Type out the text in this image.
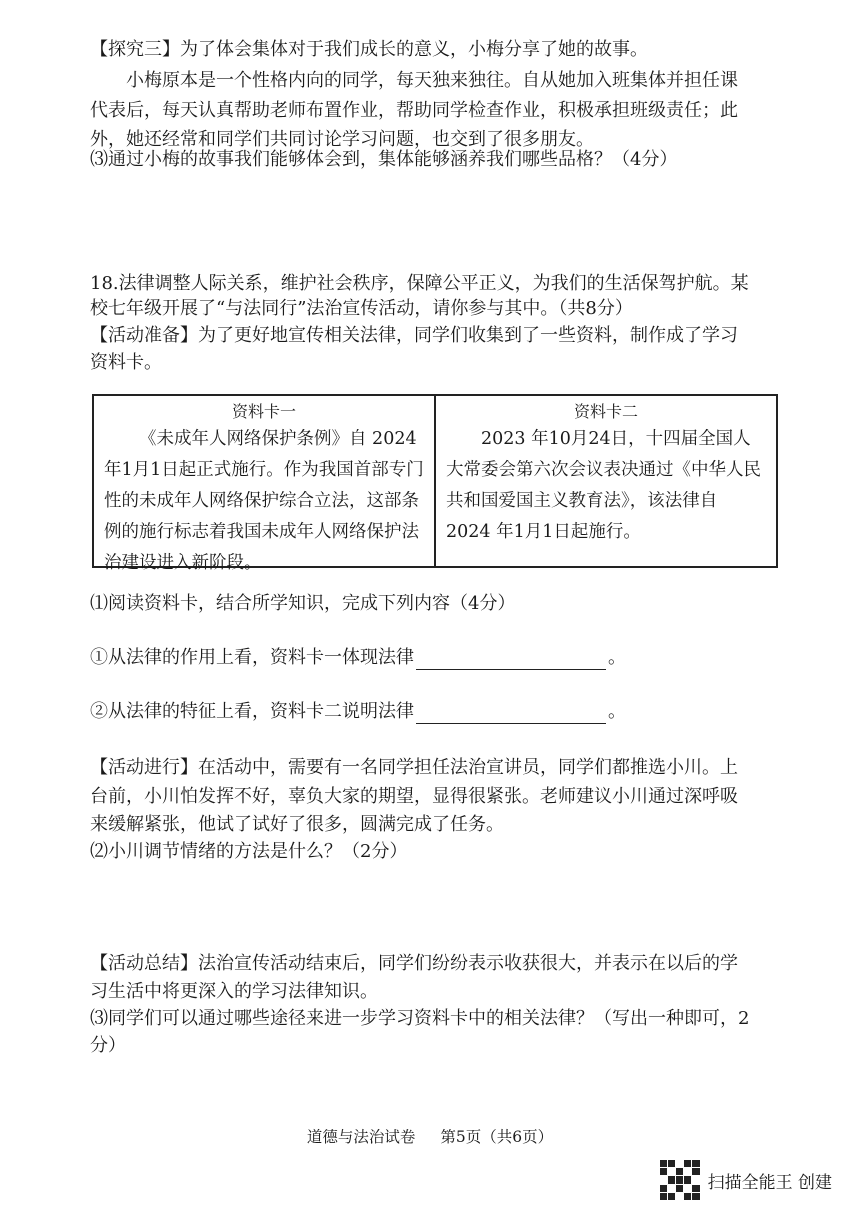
【探究三】为了体会集体对于我们成长的意义，小梅分享了她的故事。
小梅原本是一个性格内向的同学，每天独来独往。自从她加入班集体并担任课
代表后，每天认真帮助老师布置作业，帮助同学检查作业，积极承担班级责任；此
外，她还经常和同学们共同讨论学习问题，也交到了很多朋友。
⑶通过小梅的故事我们能够体会到，集体能够涵养我们哪些品格？（4分）
18.法律调整人际关系，维护社会秩序，保障公平正义，为我们的生活保驾护航。某
校七年级开展了“与法同行”法治宣传活动，请你参与其中。（共8分）
【活动准备】为了更好地宣传相关法律，同学们收集到了一些资料，制作成了学习
资料卡。
资料卡一
《未成年人网络保护条例》自 2024 年1月1日起正式施行。作为我国首部专门性的未成年人网络保护综合立法，这部条例的施行标志着我国未成年人网络保护法治建设进入新阶段。
资料卡二
2023 年10月24日，十四届全国人大常委会第六次会议表决通过《中华人民共和国爱国主义教育法》，该法律自 2024 年1月1日起施行。
⑴阅读资料卡，结合所学知识，完成下列内容（4分）
①从法律的作用上看，资料卡一体现法律	。
②从法律的特征上看，资料卡二说明法律	。
【活动进行】在活动中，需要有一名同学担任法治宣讲员，同学们都推选小川。上
台前，小川怕发挥不好，辜负大家的期望，显得很紧张。老师建议小川通过深呼吸
来缓解紧张，他试了试好了很多，圆满完成了任务。
⑵小川调节情绪的方法是什么？（2分）
【活动总结】法治宣传活动结束后，同学们纷纷表示收获很大，并表示在以后的学
习生活中将更深入的学习法律知识。
⑶同学们可以通过哪些途径来进一步学习资料卡中的相关法律？（写出一种即可，2
分）
道德与法治试卷 第5页（共6页）
扫描全能王 创建
